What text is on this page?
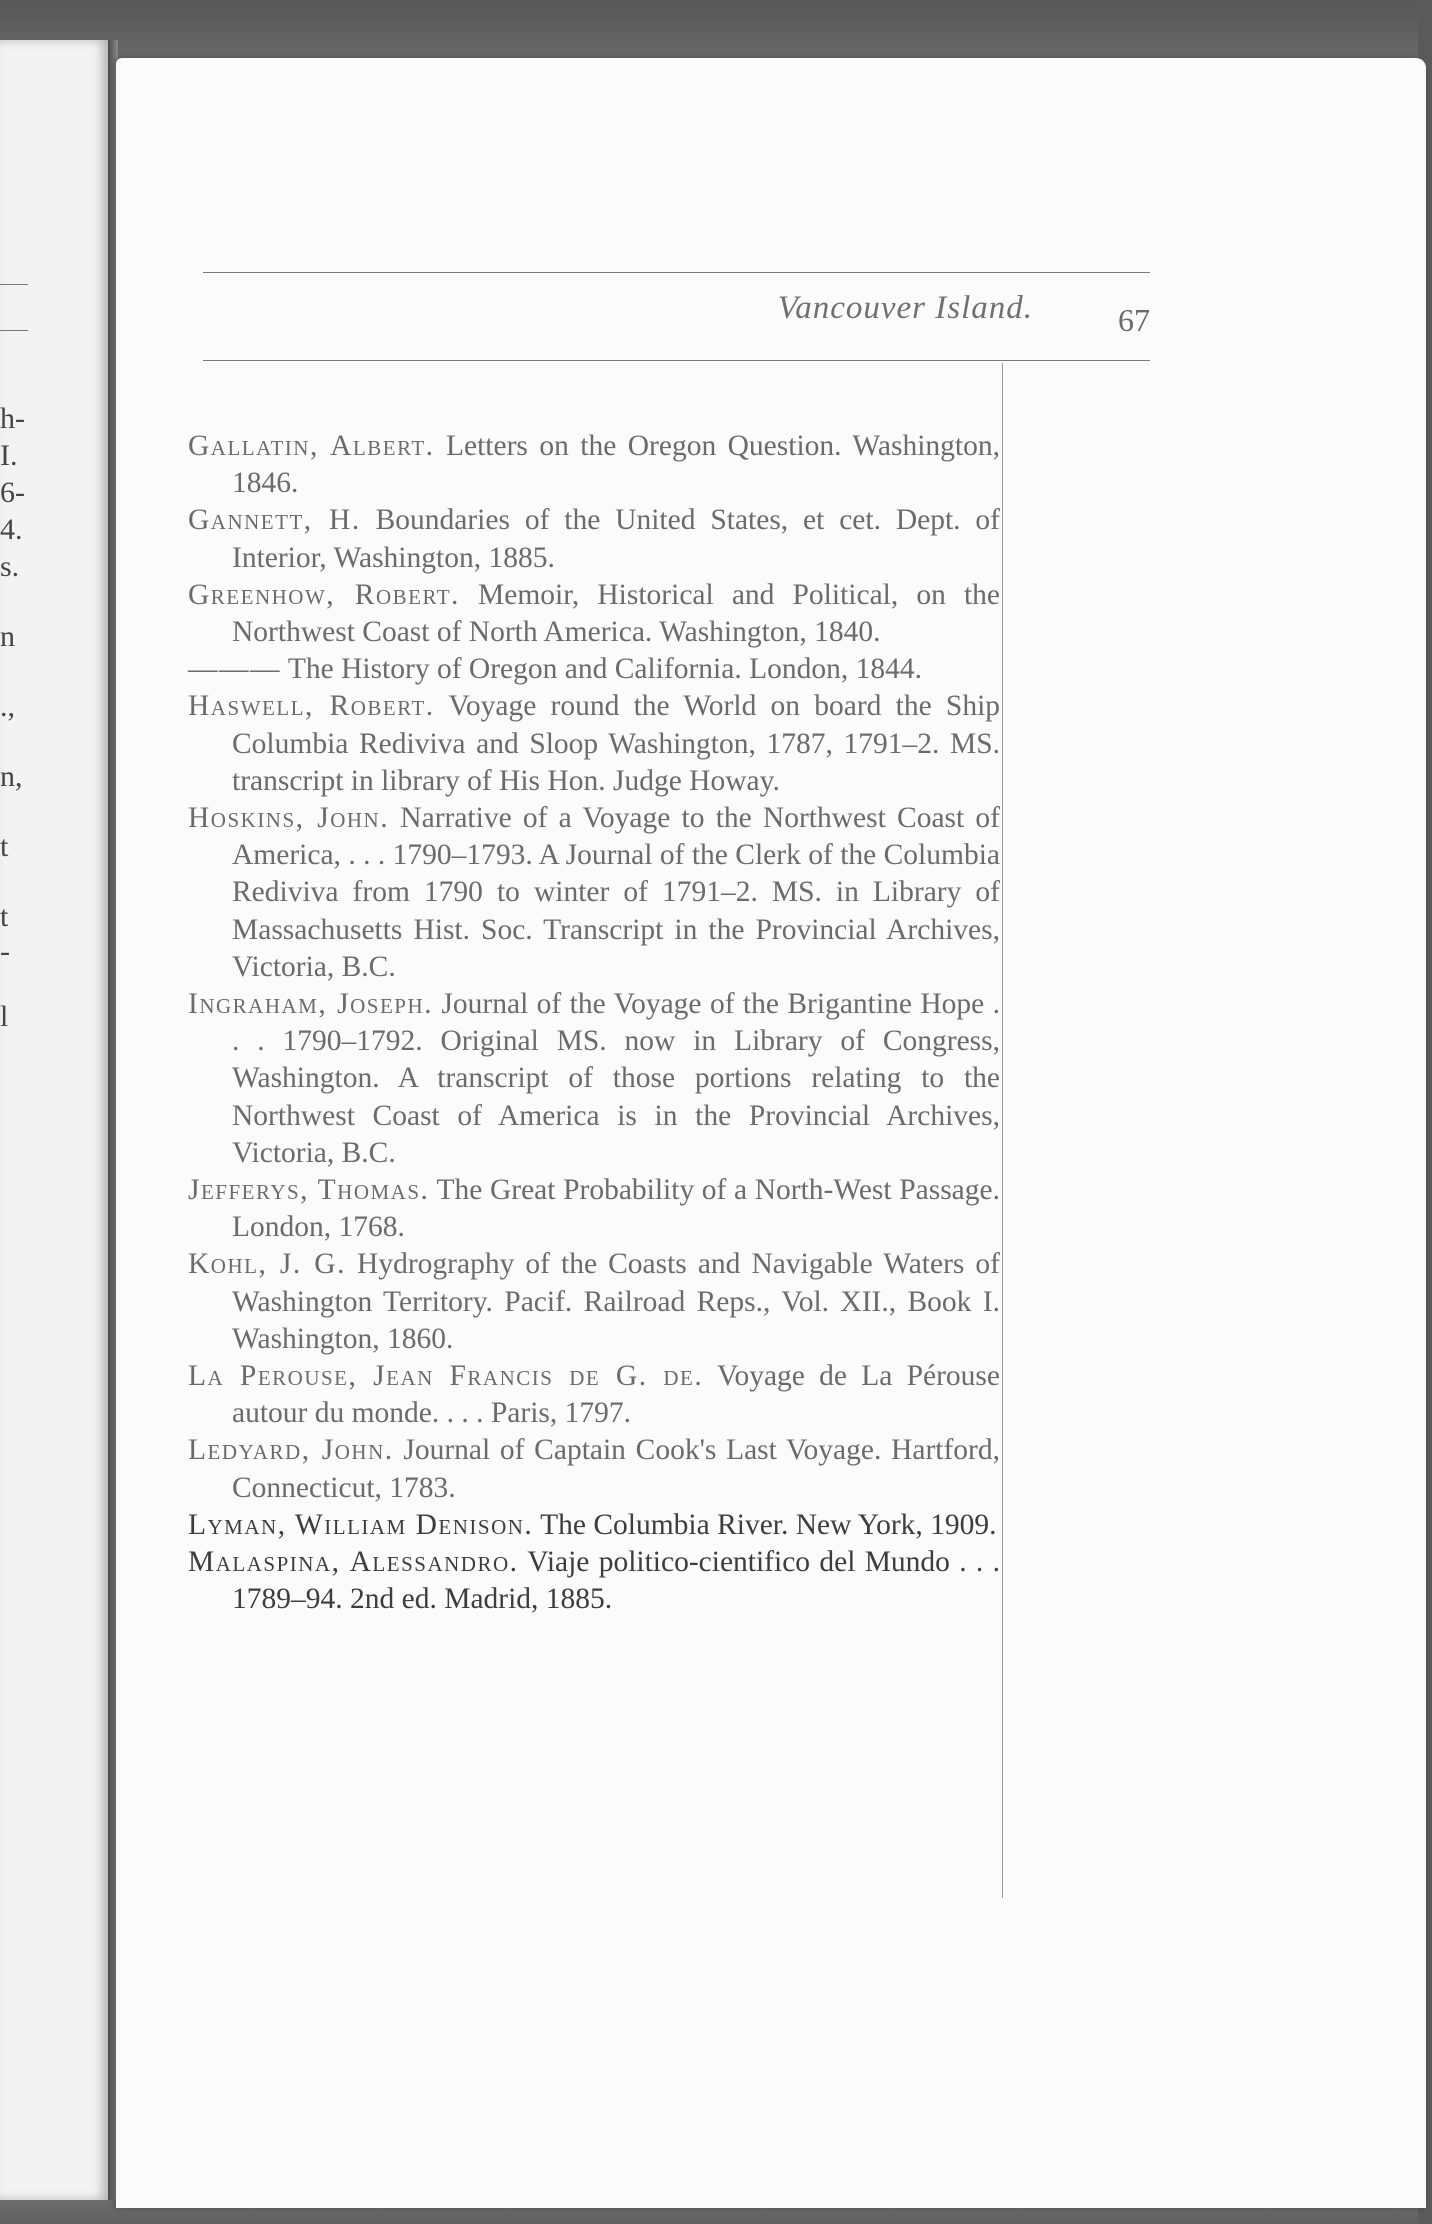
h-
I.
6-
4.
s.
n
.,
n,
t
t
-
l
Vancouver Island.	67

Gallatin, Albert. Letters on the Oregon Question. Washington, 1846.

Gannett, H. Boundaries of the United States, et cet. Dept. of Interior, Washington, 1885.

Greenhow, Robert. Memoir, Historical and Political, on the Northwest Coast of North America. Washington, 1840.

——— The History of Oregon and California. London, 1844.

Haswell, Robert. Voyage round the World on board the Ship Columbia Rediviva and Sloop Washington, 1787, 1791–2. MS. transcript in library of His Hon. Judge Howay.

Hoskins, John. Narrative of a Voyage to the Northwest Coast of America, . . . 1790–1793. A Journal of the Clerk of the Columbia Rediviva from 1790 to winter of 1791–2. MS. in Library of Massachusetts Hist. Soc. Transcript in the Provincial Archives, Victoria, B.C.

Ingraham, Joseph. Journal of the Voyage of the Brigantine Hope . . . 1790–1792. Original MS. now in Library of Congress, Washington. A transcript of those portions relating to the Northwest Coast of America is in the Provincial Archives, Victoria, B.C.

Jefferys, Thomas. The Great Probability of a North-West Passage. London, 1768.

Kohl, J. G. Hydrography of the Coasts and Navigable Waters of Washington Territory. Pacif. Railroad Reps., Vol. XII., Book I. Washington, 1860.

La Perouse, Jean Francis de G. de. Voyage de La Pérouse autour du monde. . . . Paris, 1797.

Ledyard, John. Journal of Captain Cook's Last Voyage. Hartford, Connecticut, 1783.

Lyman, William Denison. The Columbia River. New York, 1909.

Malaspina, Alessandro. Viaje politico-cientifico del Mundo . . . 1789–94. 2nd ed. Madrid, 1885.
